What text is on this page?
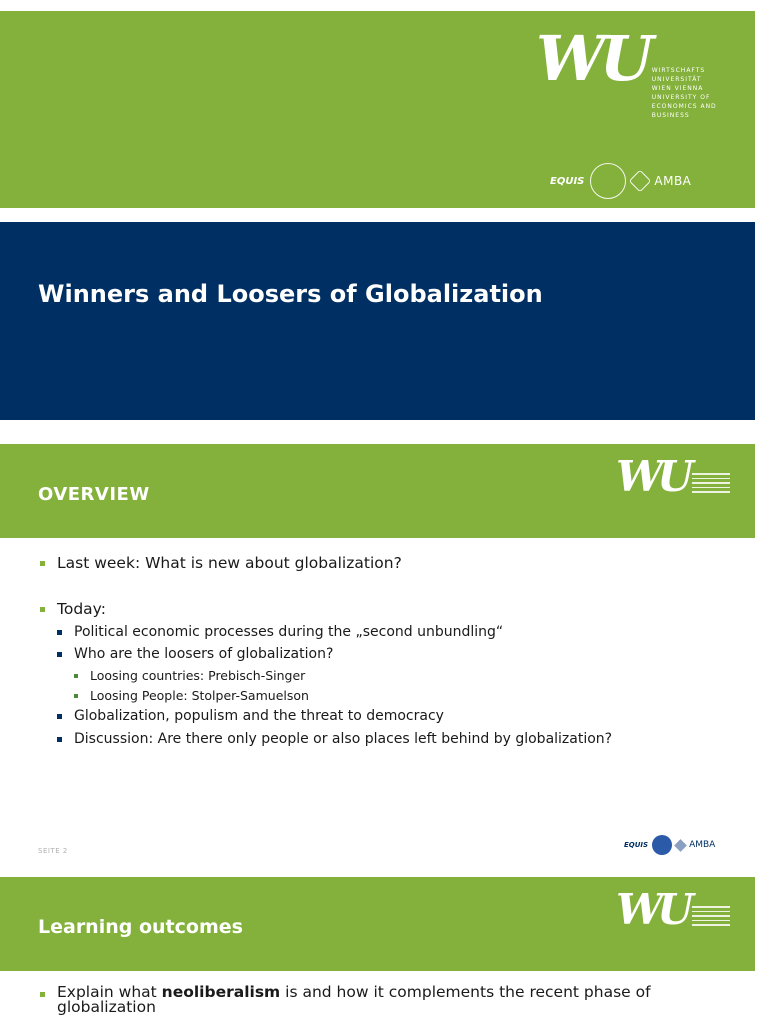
WU WIRTSCHAFTS
UNIVERSITÄT
WIEN VIENNA
UNIVERSITY OF
ECONOMICS AND
BUSINESS
EQUIS	AMBA
Winners and Loosers of Globalization
OVERVIEW	WU
Last week: What is new about globalization?
Today:
Political economic processes during the „second unbundling“
Who are the loosers of globalization?
Loosing countries: Prebisch-Singer
Loosing People: Stolper-Samuelson
Globalization, populism and the threat to democracy
Discussion: Are there only people or also places left behind by globalization?
SEITE 2
EQUIS	AMBA
Learning outcomes	WU
Explain what neoliberalism is and how it complements the recent phase of
globalization
